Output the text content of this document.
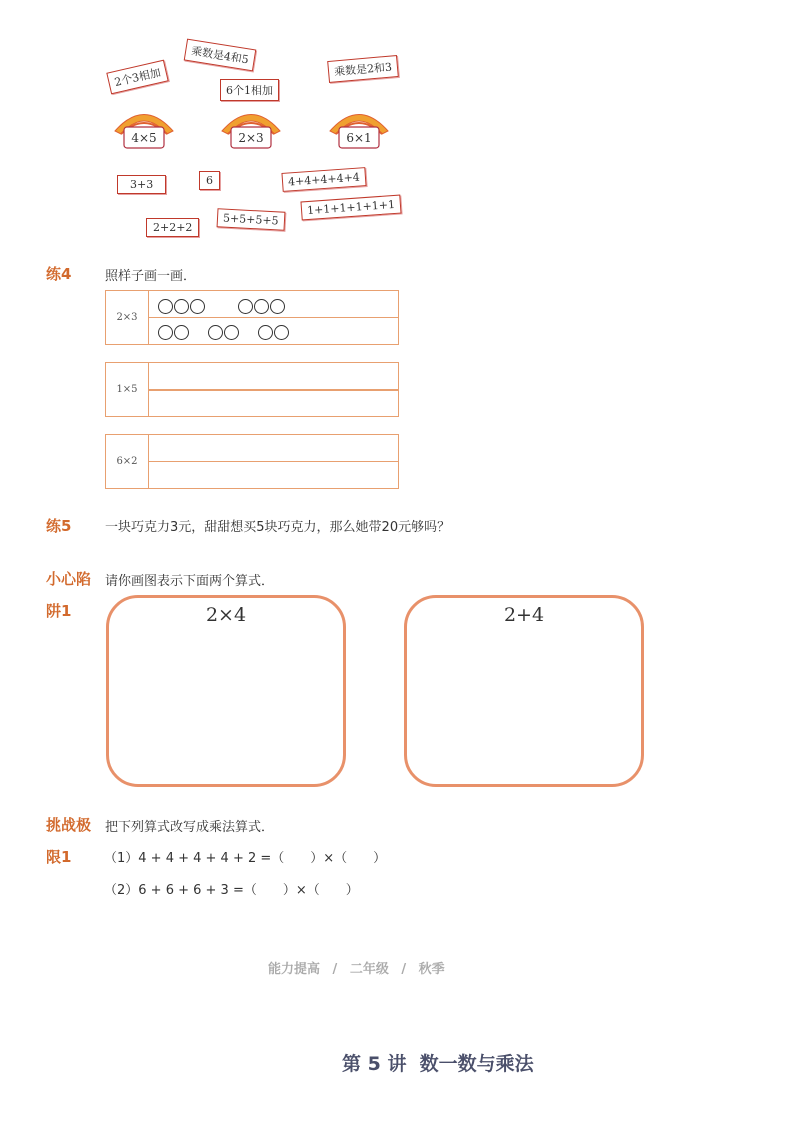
2个3相加
乘数是4和5
6个1相加
乘数是2和3
3+3	6	4+4+4+4+4
1+1+1+1+1+1
2+2+2
5+5+5+5
4×5	2×3	6×1
练4	照样子画一画．
2×3

1×5
6×2
练5	一块巧克力3元，甜甜想买5块巧克力，那么她带20元够吗？
小心陷
阱1
请你画图表示下面两个算式．
2×4	2+4
挑战极
限1
把下列算式改写成乘法算式．
（1）4 + 4 + 4 + 4 + 2 =（　　）×（　　）
（2）6 + 6 + 6 + 3 =（　　）×（　　）
能力提高 / 二年级 / 秋季
第 5 讲  数一数与乘法
